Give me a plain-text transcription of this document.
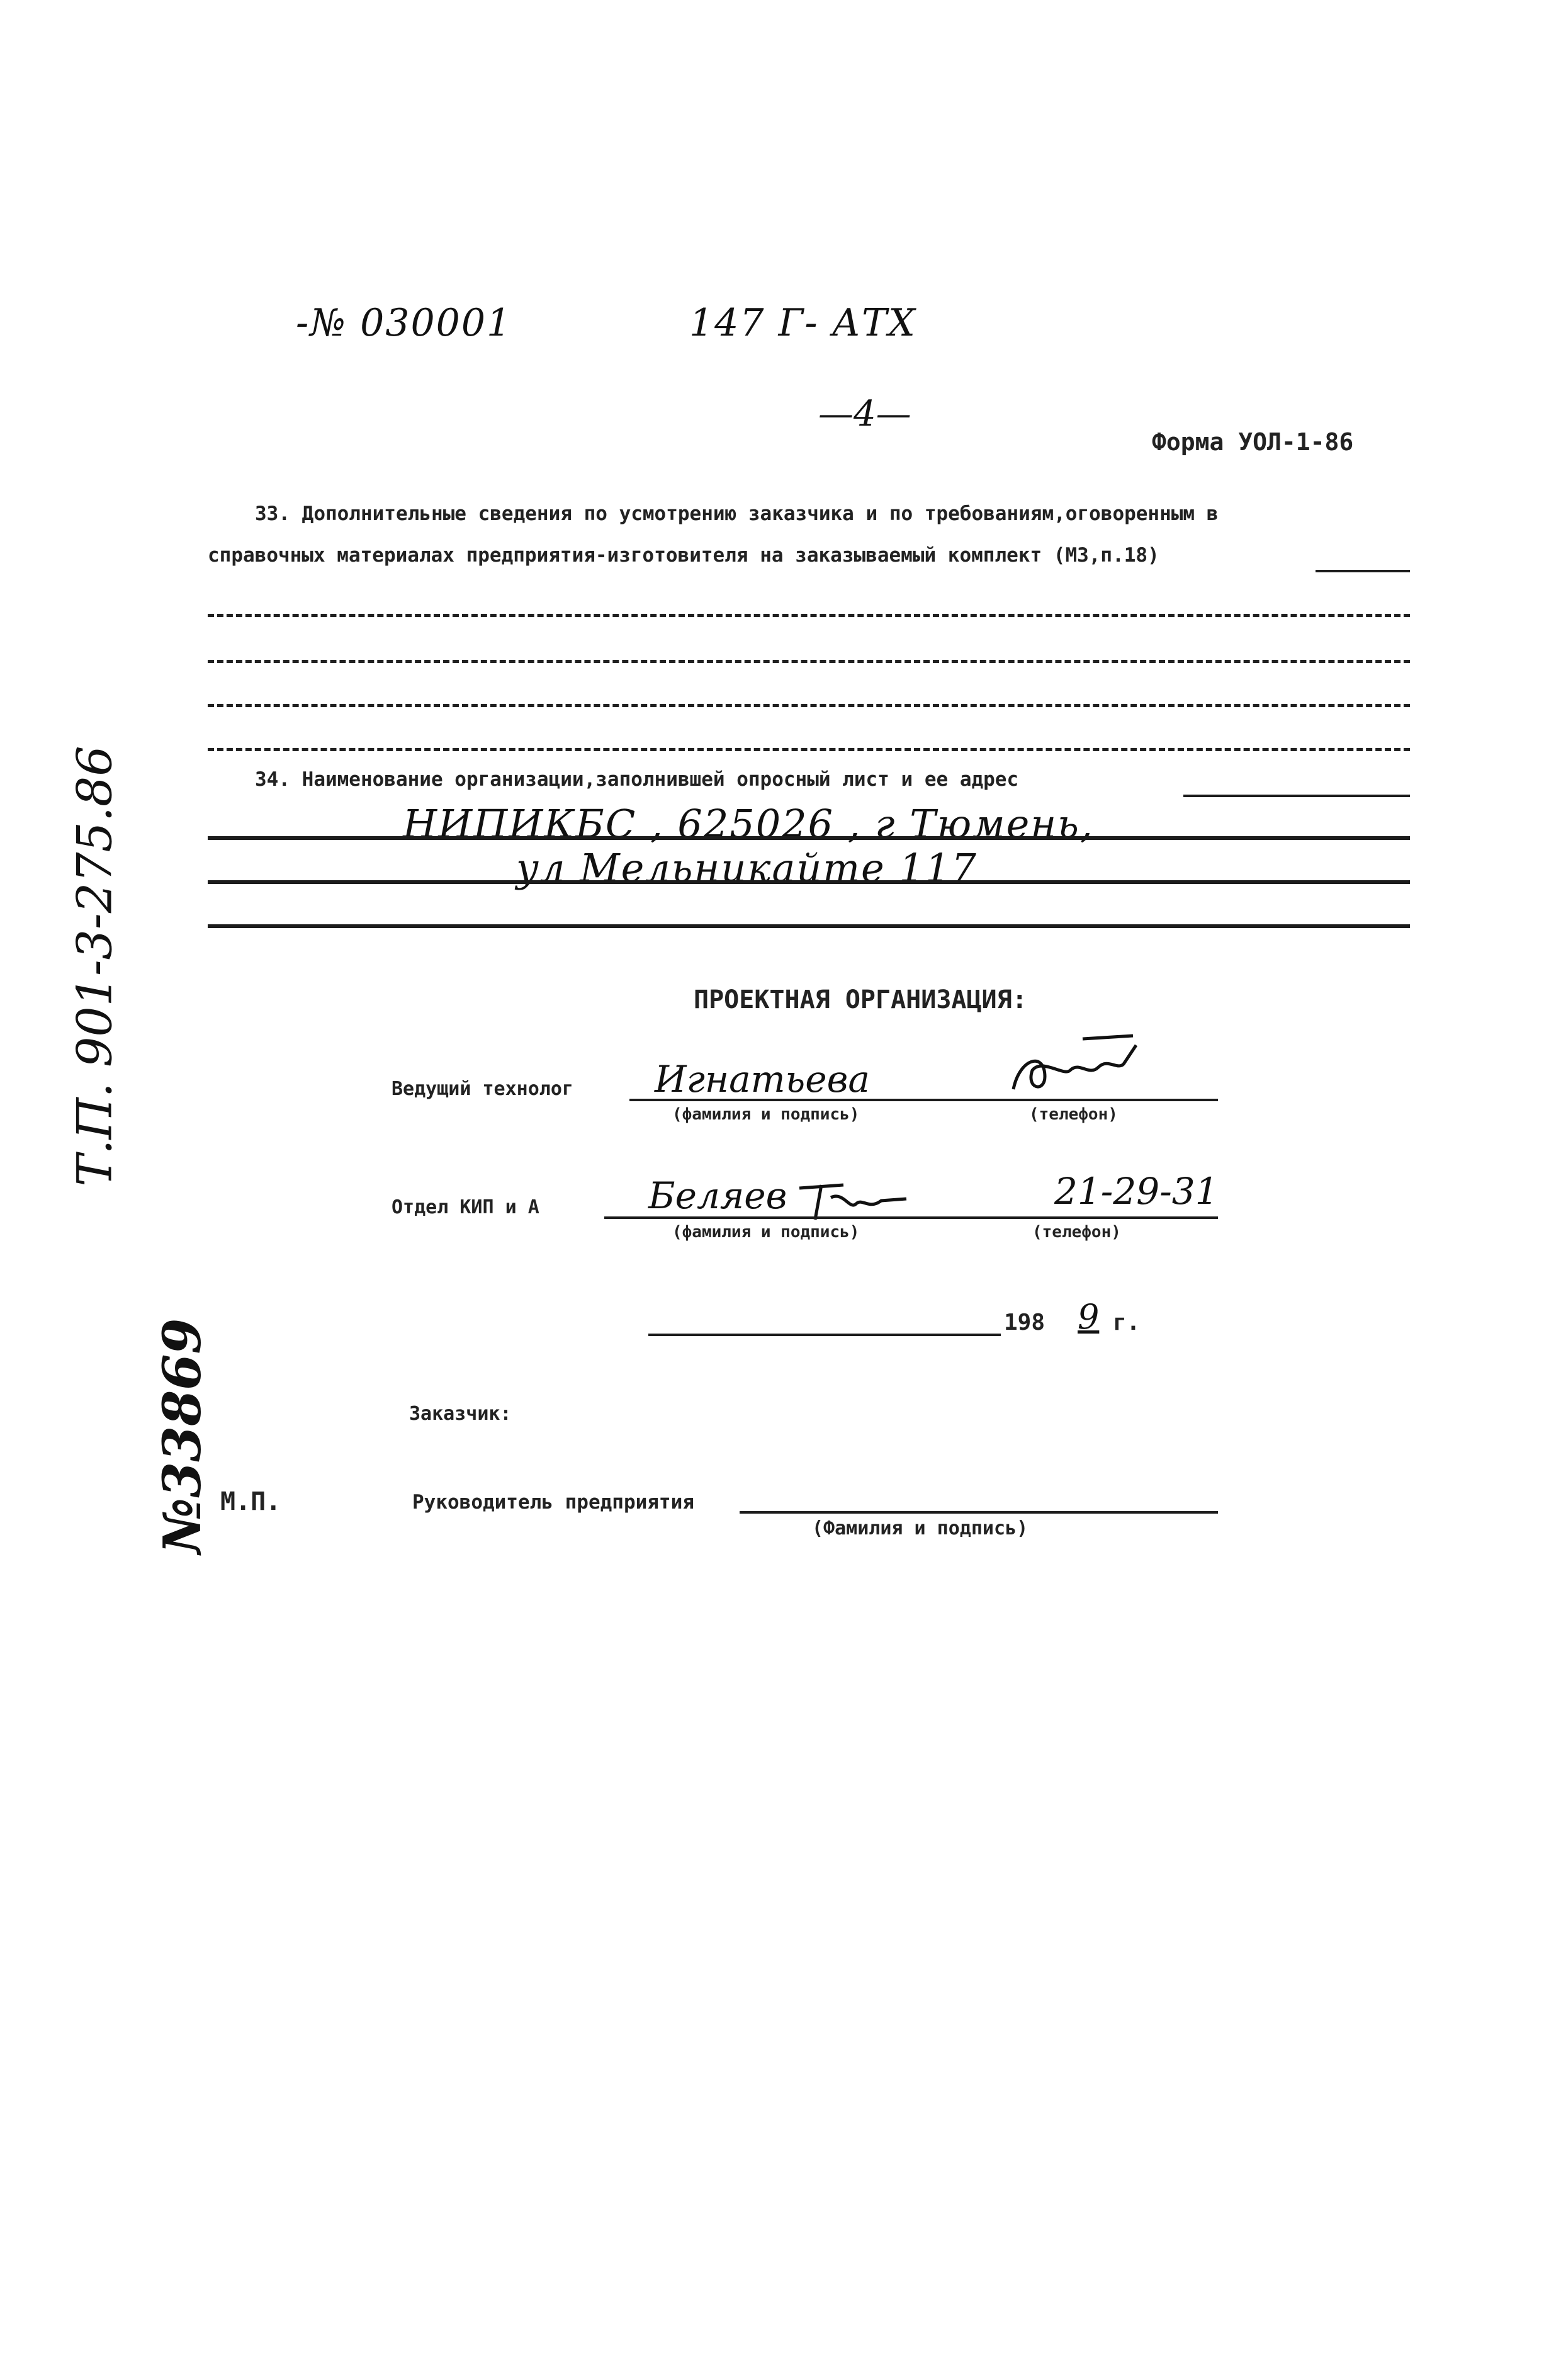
-№ 030001	147 Г- АТХ
—4—
Форма УОЛ-1-86
33. Дополнительные сведения по усмотрению заказчика и по требованиям,оговоренным в
справочных материалах предприятия-изготовителя на заказываемый комплект (МЗ,п.18)
34. Наименование организации,заполнившей опросный лист и ее адрес
НИПИКБС , 625026 , г Тюмень,
ул Мельникайте 117
Т.П. 901-3-275.86
№33869
ПРОЕКТНАЯ ОРГАНИЗАЦИЯ:
Ведущий технолог Игнатьева
(фамилия и подпись)	(телефон)
Отдел КИП и А	Беляев	21-29-31
(фамилия и подпись)	(телефон)
198 9 г.
Заказчик:
М.П.	Руководитель предприятия
(Фамилия и подпись)
